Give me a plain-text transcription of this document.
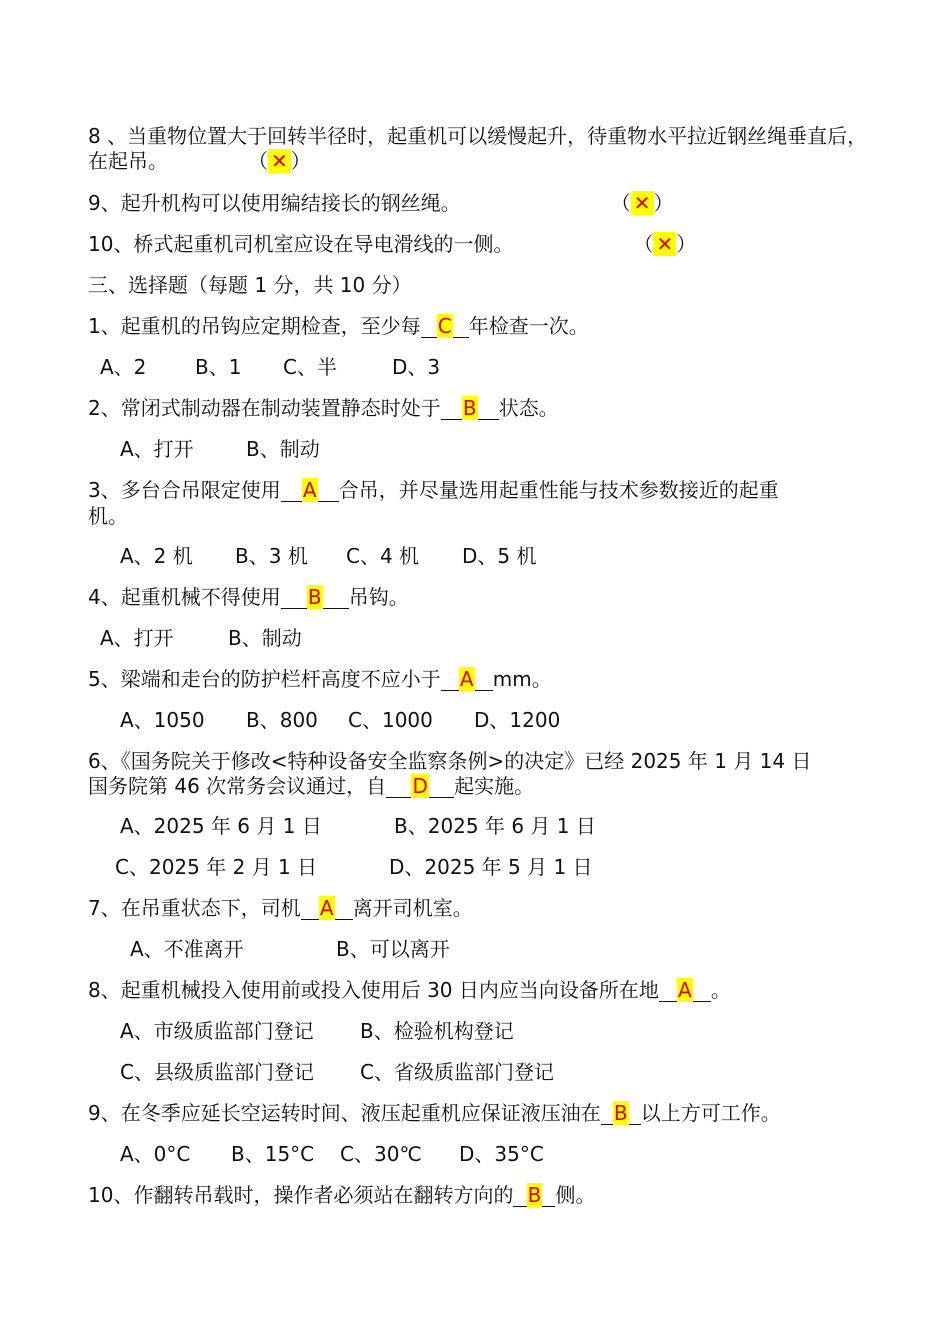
8 、当重物位置大于回转半径时，起重机可以缓慢起升，待重物水平拉近钢丝绳垂直后，在起吊。	（ ✕ ）
9、起升机构可以使用编结接长的钢丝绳。	（ ✕ ）
10、桥式起重机司机室应设在导电滑线的一侧。	（ ✕ ）
三、选择题（每题 1 分，共 10 分）
1、起重机的吊钩应定期检查，至少每 C 年检查一次。
A、2 B、1 C、半	D、3
2、常闭式制动器在制动装置静态时处于 B 状态。
A、打开	B、制动
3、多台合吊限定使用 A 合吊，并尽量选用起重性能与技术参数接近的起重
机。
A、2 机 B、3 机 C、4 机 D、5 机
4、起重机械不得使用 B 吊钩。
A、打开	B、制动
5、梁端和走台的防护栏杆高度不应小于 A mm。
A、1050 B、800 C、1000 D、1200
6、《国务院关于修改<特种设备安全监察条例>的决定》已经 2025 年 1 月 14 日
国务院第 46 次常务会议通过，自 D 起实施。
A、2025 年 6 月 1 日	B、2025 年 6 月 1 日
C、2025 年 2 月 1 日	D、2025 年 5 月 1 日
7、在吊重状态下，司机 A 离开司机室。
A、不准离开	B、可以离开
8、起重机械投入使用前或投入使用后 30 日内应当向设备所在地 A 。
A、市级质监部门登记 B、检验机构登记
C、县级质监部门登记 C、省级质监部门登记
9、在冬季应延长空运转时间、液压起重机应保证液压油在 B 以上方可工作。
A、0°C B、15°C C、30℃ D、35°C
10、作翻转吊载时，操作者必须站在翻转方向的 B 侧。
